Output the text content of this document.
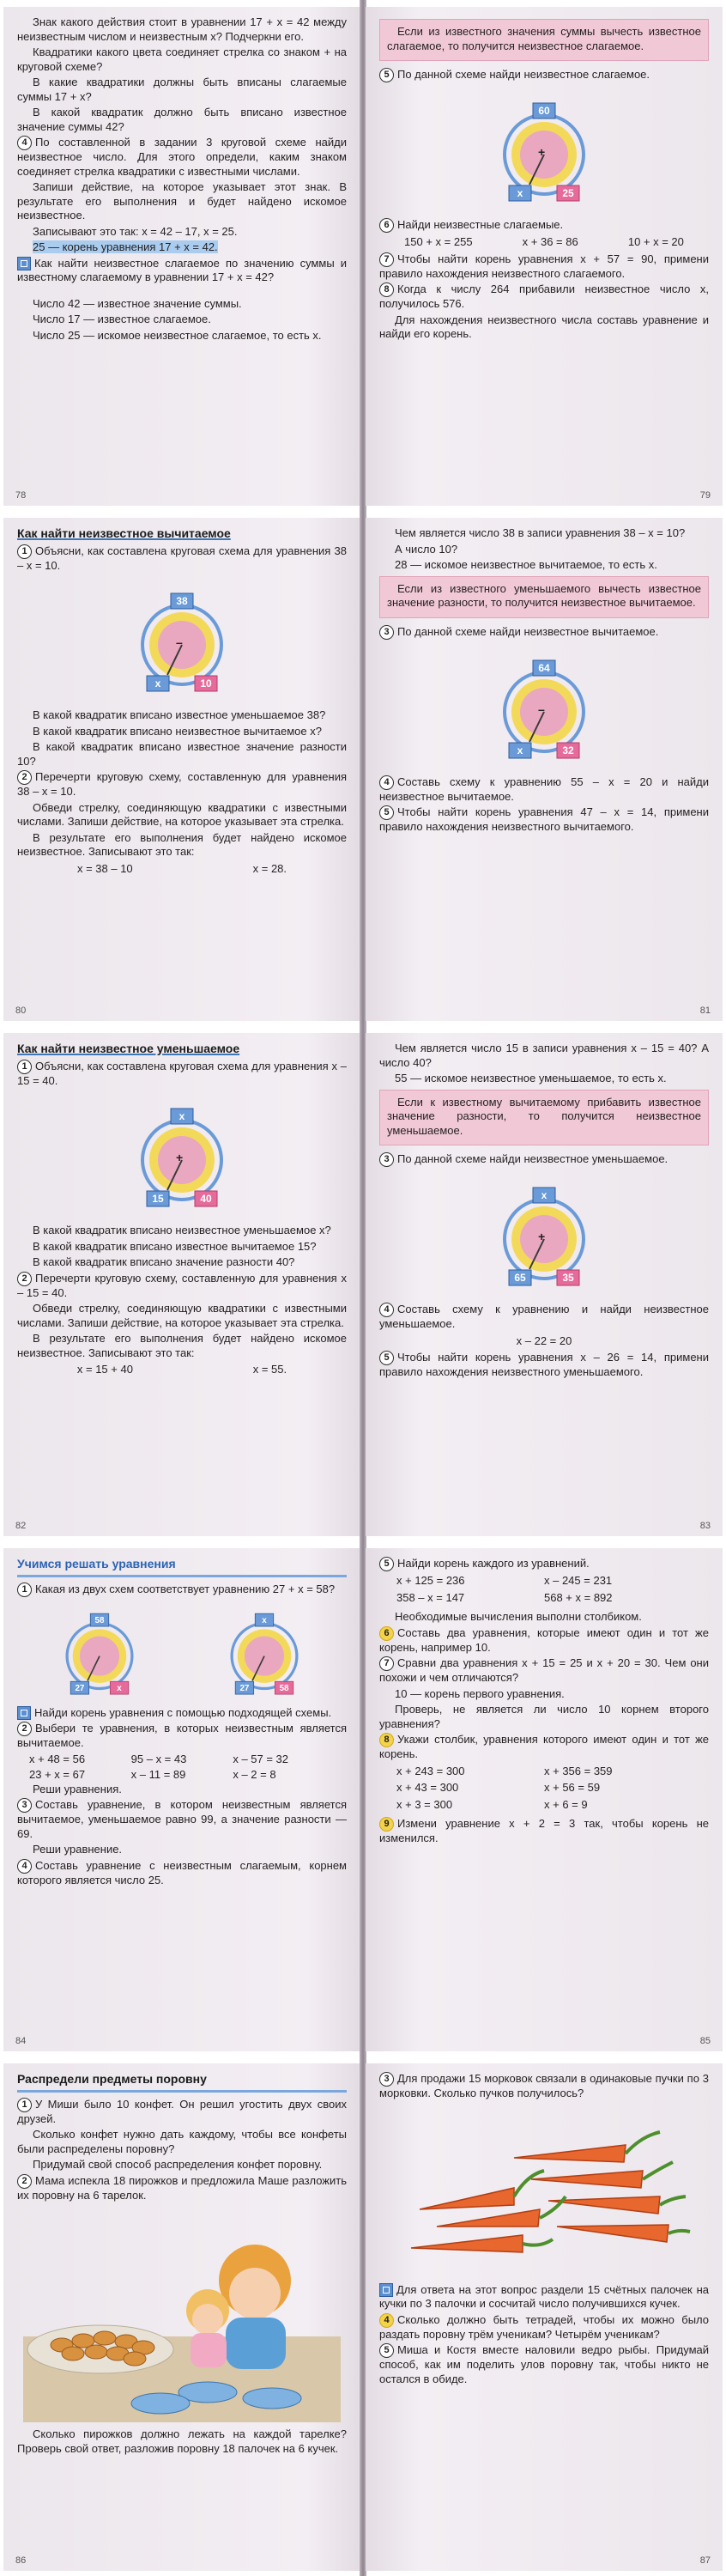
Знак какого действия стоит в уравнении 17 + x = 42 между неизвестным числом и неизвестным x? Подчеркни его.

Квадратики какого цвета соединяет стрелка со знаком + на круговой схеме?

В какие квадратики должны быть вписаны слагаемые суммы 17 + x?

В какой квадратик должно быть вписано известное значение суммы 42?

4 По составленной в задании 3 круговой схеме найди неизвестное число. Для этого определи, каким знаком соединяет стрелка квадратики с известными числами.

Запиши действие, на которое указывает этот знак. В результате его выполнения и будет найдено искомое неизвестное.

Записывают это так: x = 42 – 17, x = 25.

25 — корень уравнения 17 + x = 42.

Как найти неизвестное слагаемое по значению суммы и известному слагаемому в уравнении 17 + x = 42?

Число 42 — известное значение суммы.

Число 17 — известное слагаемое.

Число 25 — искомое неизвестное слагаемое, то есть x.

78

Если из известного значения суммы вычесть известное слагаемое, то получится неизвестное слагаемое.

5 По данной схеме найди неизвестное слагаемое.

+
60
x	25

6 Найди неизвестные слагаемые.

150 + x = 255	x + 36 = 86	10 + x = 20

7 Чтобы найти корень уравнения x + 57 = 90, примени правило нахождения неизвестного слагаемого.

8 Когда к числу 264 прибавили неизвестное число x, получилось 576.

Для нахождения неизвестного числа составь уравнение и найди его корень.

79
Как найти неизвестное вычитаемое

1 Объясни, как составлена круговая схема для уравнения 38 – x = 10.

–
38
x	10

В какой квадратик вписано известное уменьшаемое 38?

В какой квадратик вписано неизвестное вычитаемое x?

В какой квадратик вписано известное значение разности 10?

2 Перечерти круговую схему, составленную для уравнения 38 – x = 10.

Обведи стрелку, соединяющую квадратики с известными числами. Запиши действие, на которое указывает эта стрелка.

В результате его выполнения будет найдено искомое неизвестное. Записывают это так:

x = 38 – 10	x = 28.
80

Чем является число 38 в записи уравнения 38 – x = 10?

А число 10?

28 — искомое неизвестное вычитаемое, то есть x.

Если из известного уменьшаемого вычесть известное значение разности, то получится неизвестное вычитаемое.

3 По данной схеме найди неизвестное вычитаемое.

–
64
x	32

4 Составь схему к уравнению 55 – x = 20 и найди неизвестное вычитаемое.

5 Чтобы найти корень уравнения 47 – x = 14, примени правило нахождения неизвестного вычитаемого.

81
Как найти неизвестное уменьшаемое

1 Объясни, как составлена круговая схема для уравнения x – 15 = 40.

+
x
15	40

В какой квадратик вписано неизвестное уменьшаемое x?

В какой квадратик вписано известное вычитаемое 15?

В какой квадратик вписано значение разности 40?

2 Перечерти круговую схему, составленную для уравнения x – 15 = 40.

Обведи стрелку, соединяющую квадратики с известными числами. Запиши действие, на которое указывает эта стрелка.

В результате его выполнения будет найдено искомое неизвестное. Записывают это так:

x = 15 + 40	x = 55.
82

Чем является число 15 в записи уравнения x – 15 = 40? А число 40?

55 — искомое неизвестное уменьшаемое, то есть x.

Если к известному вычитаемому прибавить известное значение разности, то получится неизвестное уменьшаемое.

3 По данной схеме найди неизвестное уменьшаемое.

+
x
65	35

4 Составь схему к уравнению и найди неизвестное уменьшаемое.

x – 22 = 20

5 Чтобы найти корень уравнения x – 26 = 14, примени правило нахождения неизвестного уменьшаемого.

83
Учимся решать уравнения

1 Какая из двух схем соответствует уравнению 27 + x = 58?

58
27	x
x
27	58

Найди корень уравнения с помощью подходящей схемы.

2 Выбери те уравнения, в которых неизвестным является вычитаемое.

x + 48 = 56	95 – x = 43	x – 57 = 32
23 + x = 67	x – 11 = 89	x – 2 = 8

Реши уравнения.

3 Составь уравнение, в котором неизвестным является вычитаемое, уменьшаемое равно 99, а значение разности — 69.

Реши уравнение.

4 Составь уравнение с неизвестным слагаемым, корнем которого является число 25.

84

5 Найди корень каждого из уравнений.

x + 125 = 236	x – 245 = 231
358 – x = 147	568 + x = 892

Необходимые вычисления выполни столбиком.

6 Составь два уравнения, которые имеют один и тот же корень, например 10.

7 Сравни два уравнения x + 15 = 25 и x + 20 = 30. Чем они похожи и чем отличаются?

10 — корень первого уравнения.

Проверь, не является ли число 10 корнем второго уравнения?

8 Укажи столбик, уравнения которого имеют один и тот же корень.

x + 243 = 300	x + 356 = 359
x + 43 = 300	x + 56 = 59
x + 3 = 300	x + 6 = 9

9 Измени уравнение x + 2 = 3 так, чтобы корень не изменился.

85
Распредели предметы поровну

1 У Миши было 10 конфет. Он решил угостить двух своих друзей.

Сколько конфет нужно дать каждому, чтобы все конфеты были распределены поровну?

Придумай свой способ распределения конфет поровну.

2 Мама испекла 18 пирожков и предложила Маше разложить их поровну на 6 тарелок.

Сколько пирожков должно лежать на каждой тарелке? Проверь свой ответ, разложив поровну 18 палочек на 6 кучек.

86

3 Для продажи 15 морковок связали в одинаковые пучки по 3 морковки. Сколько пучков получилось?

Для ответа на этот вопрос раздели 15 счётных палочек на кучки по 3 палочки и сосчитай число получившихся кучек.

4 Сколько должно быть тетрадей, чтобы их можно было раздать поровну трём ученикам? Четырём ученикам?

5 Миша и Костя вместе наловили ведро рыбы. Придумай способ, как им поделить улов поровну так, чтобы никто не остался в обиде.

87
